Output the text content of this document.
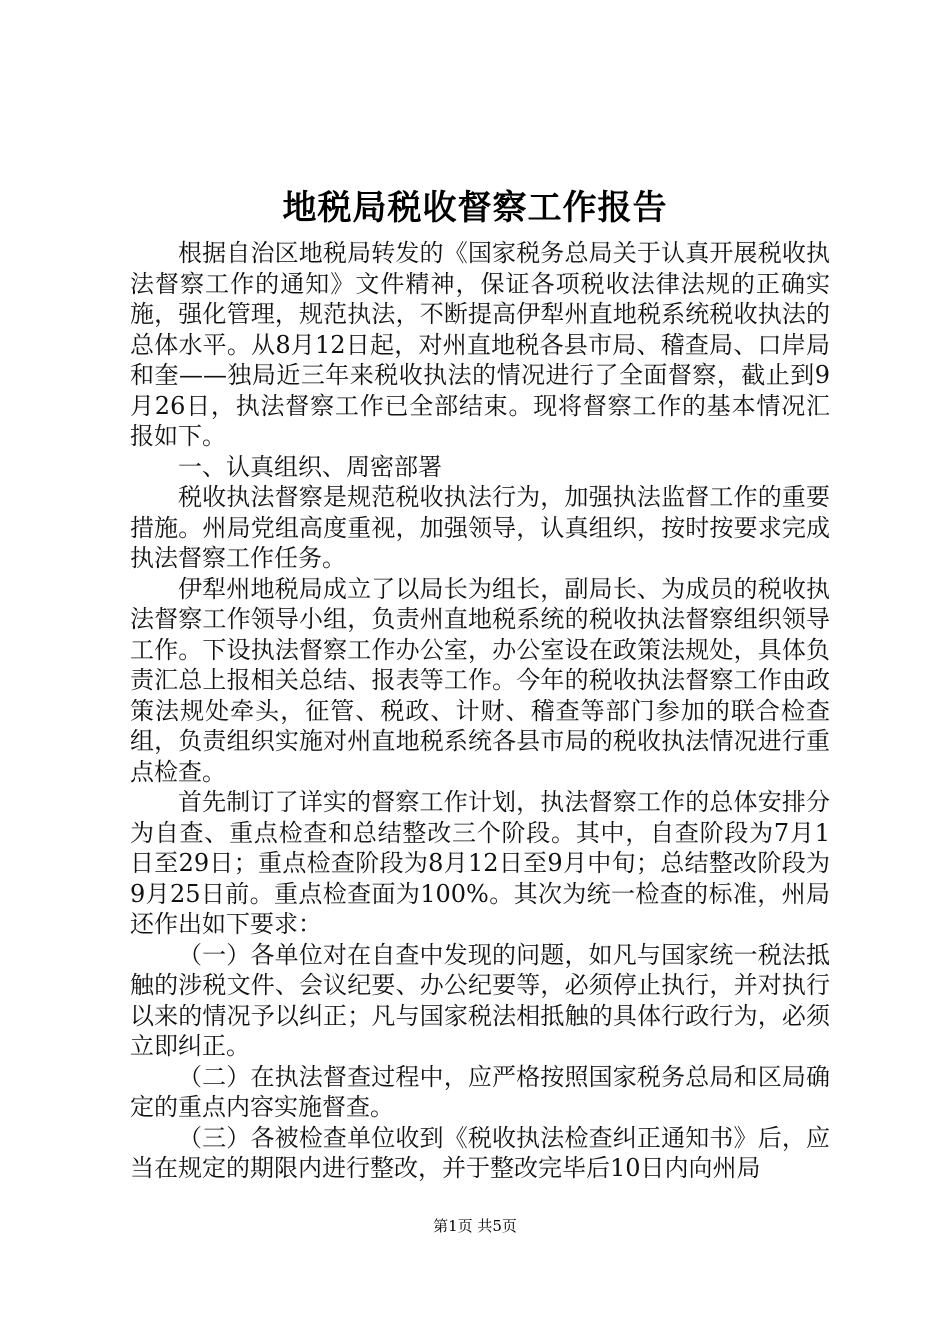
地税局税收督察工作报告

根据自治区地税局转发的《国家税务总局关于认真开展税收执法督察工作的通知》文件精神，保证各项税收法律法规的正确实施，强化管理，规范执法，不断提高伊犁州直地税系统税收执法的总体水平。从8月12日起，对州直地税各县市局、稽查局、口岸局和奎——独局近三年来税收执法的情况进行了全面督察，截止到9月26日，执法督察工作已全部结束。现将督察工作的基本情况汇报如下。

一、认真组织、周密部署

税收执法督察是规范税收执法行为，加强执法监督工作的重要措施。州局党组高度重视，加强领导，认真组织，按时按要求完成执法督察工作任务。

伊犁州地税局成立了以局长为组长，副局长、为成员的税收执法督察工作领导小组，负责州直地税系统的税收执法督察组织领导工作。下设执法督察工作办公室，办公室设在政策法规处，具体负责汇总上报相关总结、报表等工作。今年的税收执法督察工作由政策法规处牵头，征管、税政、计财、稽查等部门参加的联合检查组，负责组织实施对州直地税系统各县市局的税收执法情况进行重点检查。

首先制订了详实的督察工作计划，执法督察工作的总体安排分为自查、重点检查和总结整改三个阶段。其中，自查阶段为7月1日至29日；重点检查阶段为8月12日至9月中旬；总结整改阶段为9月25日前。重点检查面为100%。其次为统一检查的标准，州局还作出如下要求：

（一）各单位对在自查中发现的问题，如凡与国家统一税法抵触的涉税文件、会议纪要、办公纪要等，必须停止执行，并对执行以来的情况予以纠正；凡与国家税法相抵触的具体行政行为，必须立即纠正。

（二）在执法督查过程中，应严格按照国家税务总局和区局确定的重点内容实施督查。

（三）各被检查单位收到《税收执法检查纠正通知书》后，应当在规定的期限内进行整改，并于整改完毕后10日内向州局

第1页 共5页
